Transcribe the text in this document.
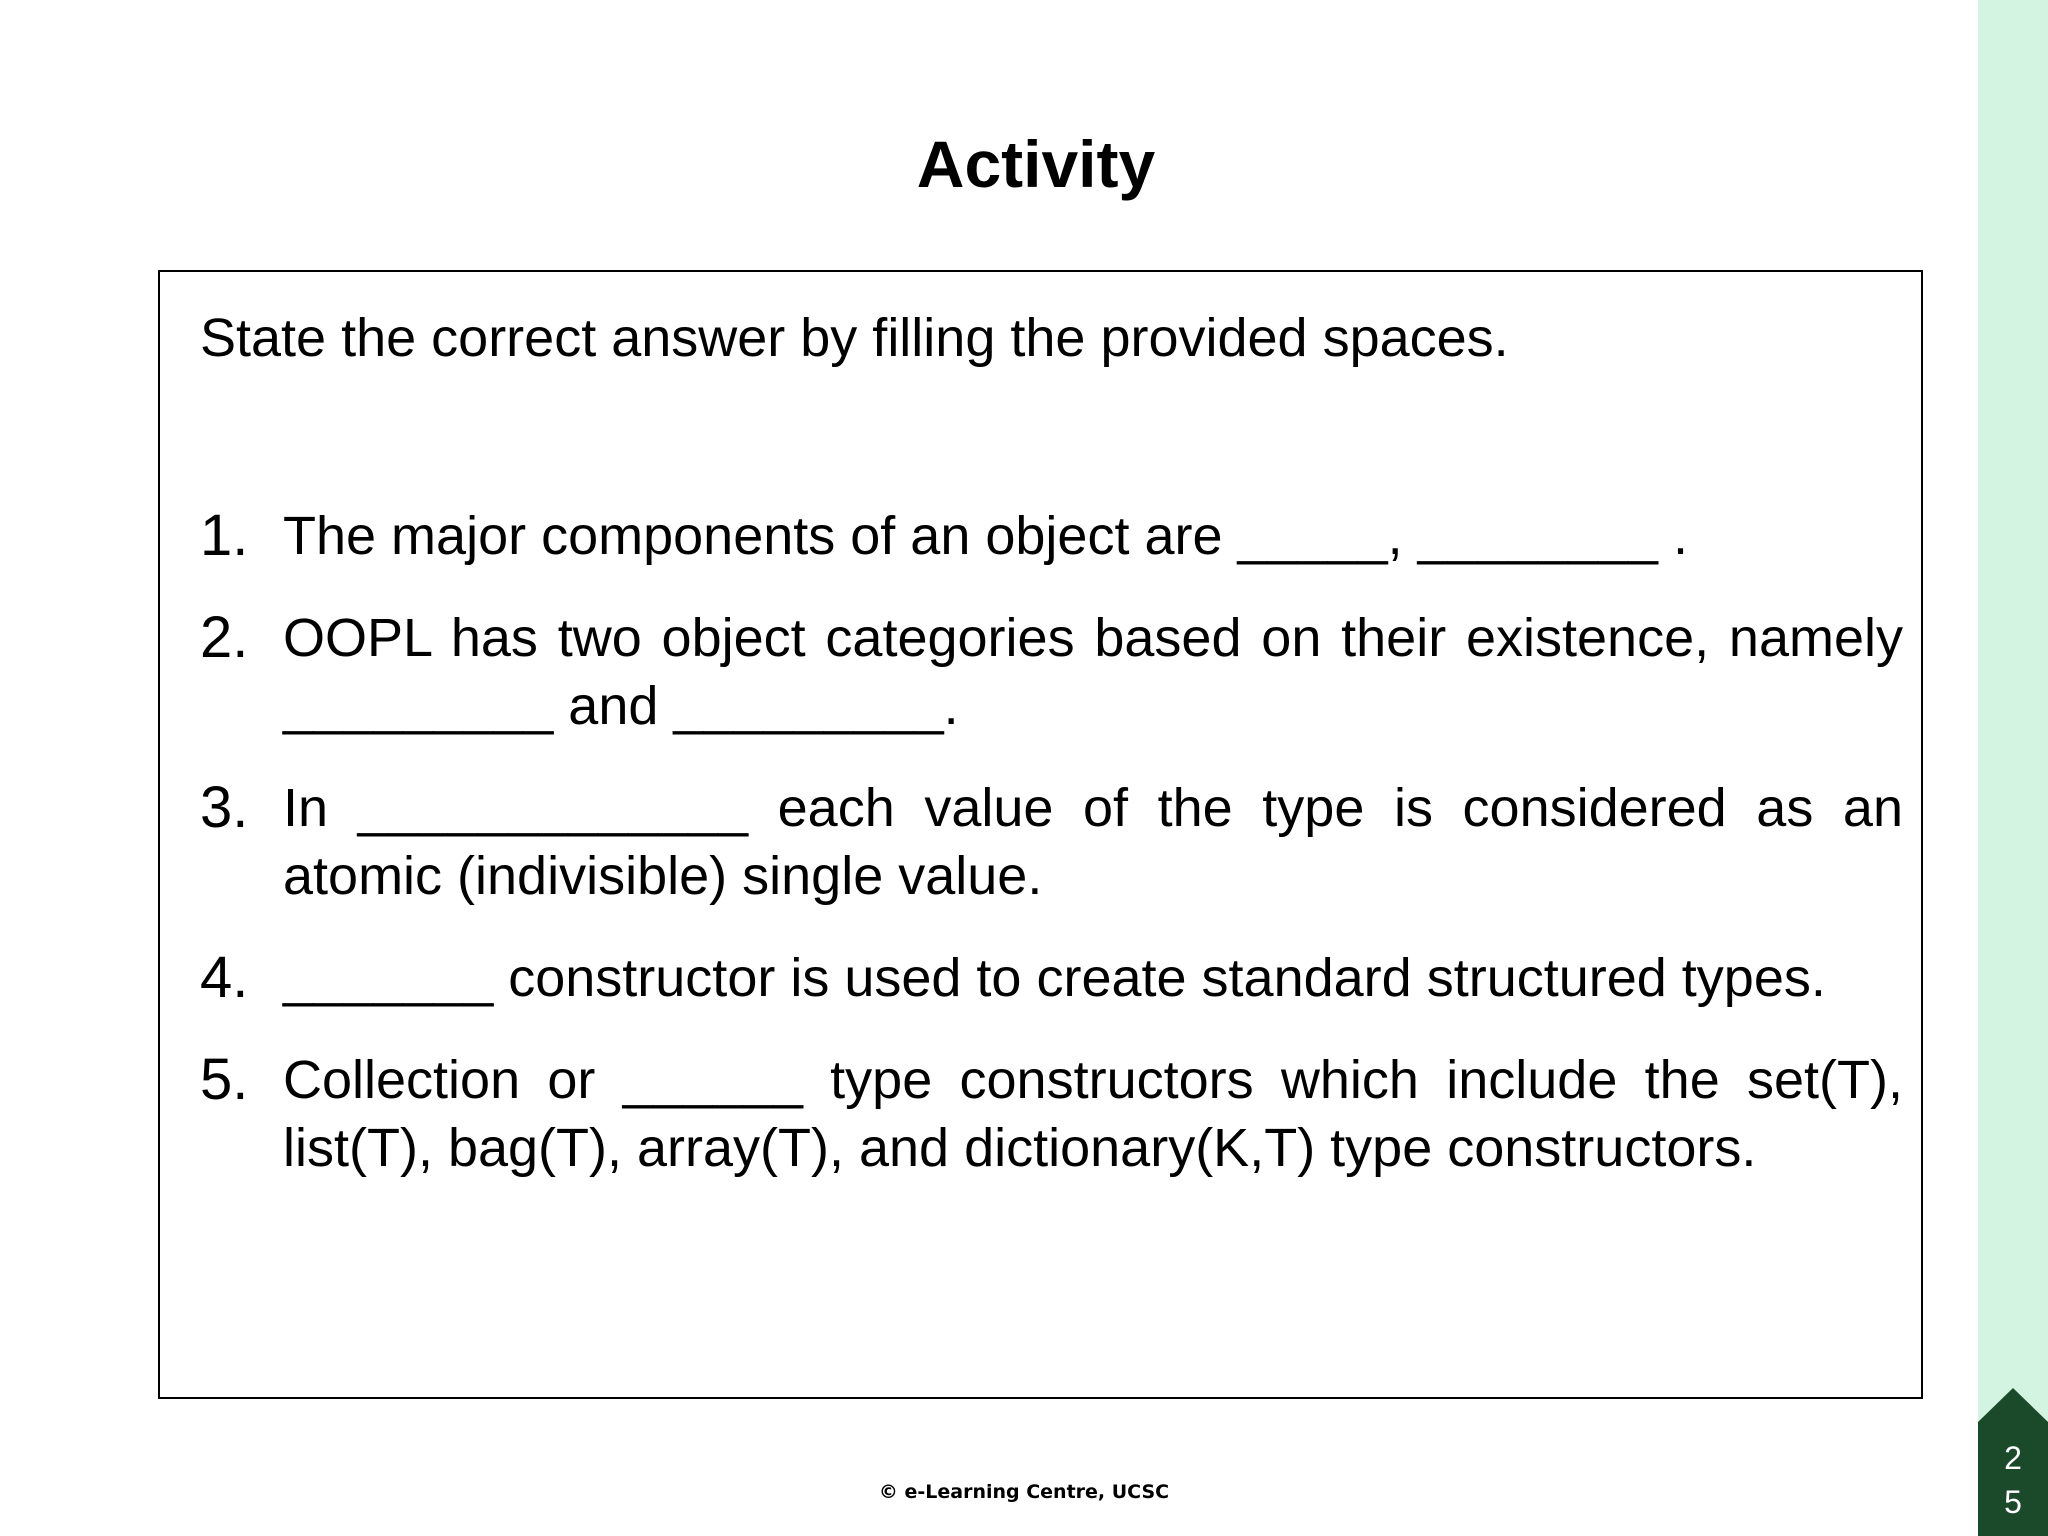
Activity
State the correct answer by filling the provided spaces.
1. The major components of an object are _____, ________ .
2. OOPL has two object categories based on their existence, namely _________ and _________.
3. In _____________ each value of the type is considered as an atomic (indivisible) single value.
4. _______ constructor is used to create standard structured types.
5. Collection or ______ type constructors which include the set(T), list(T), bag(T), array(T), and dictionary(K,T) type constructors.
© e-Learning Centre, UCSC
2
5
